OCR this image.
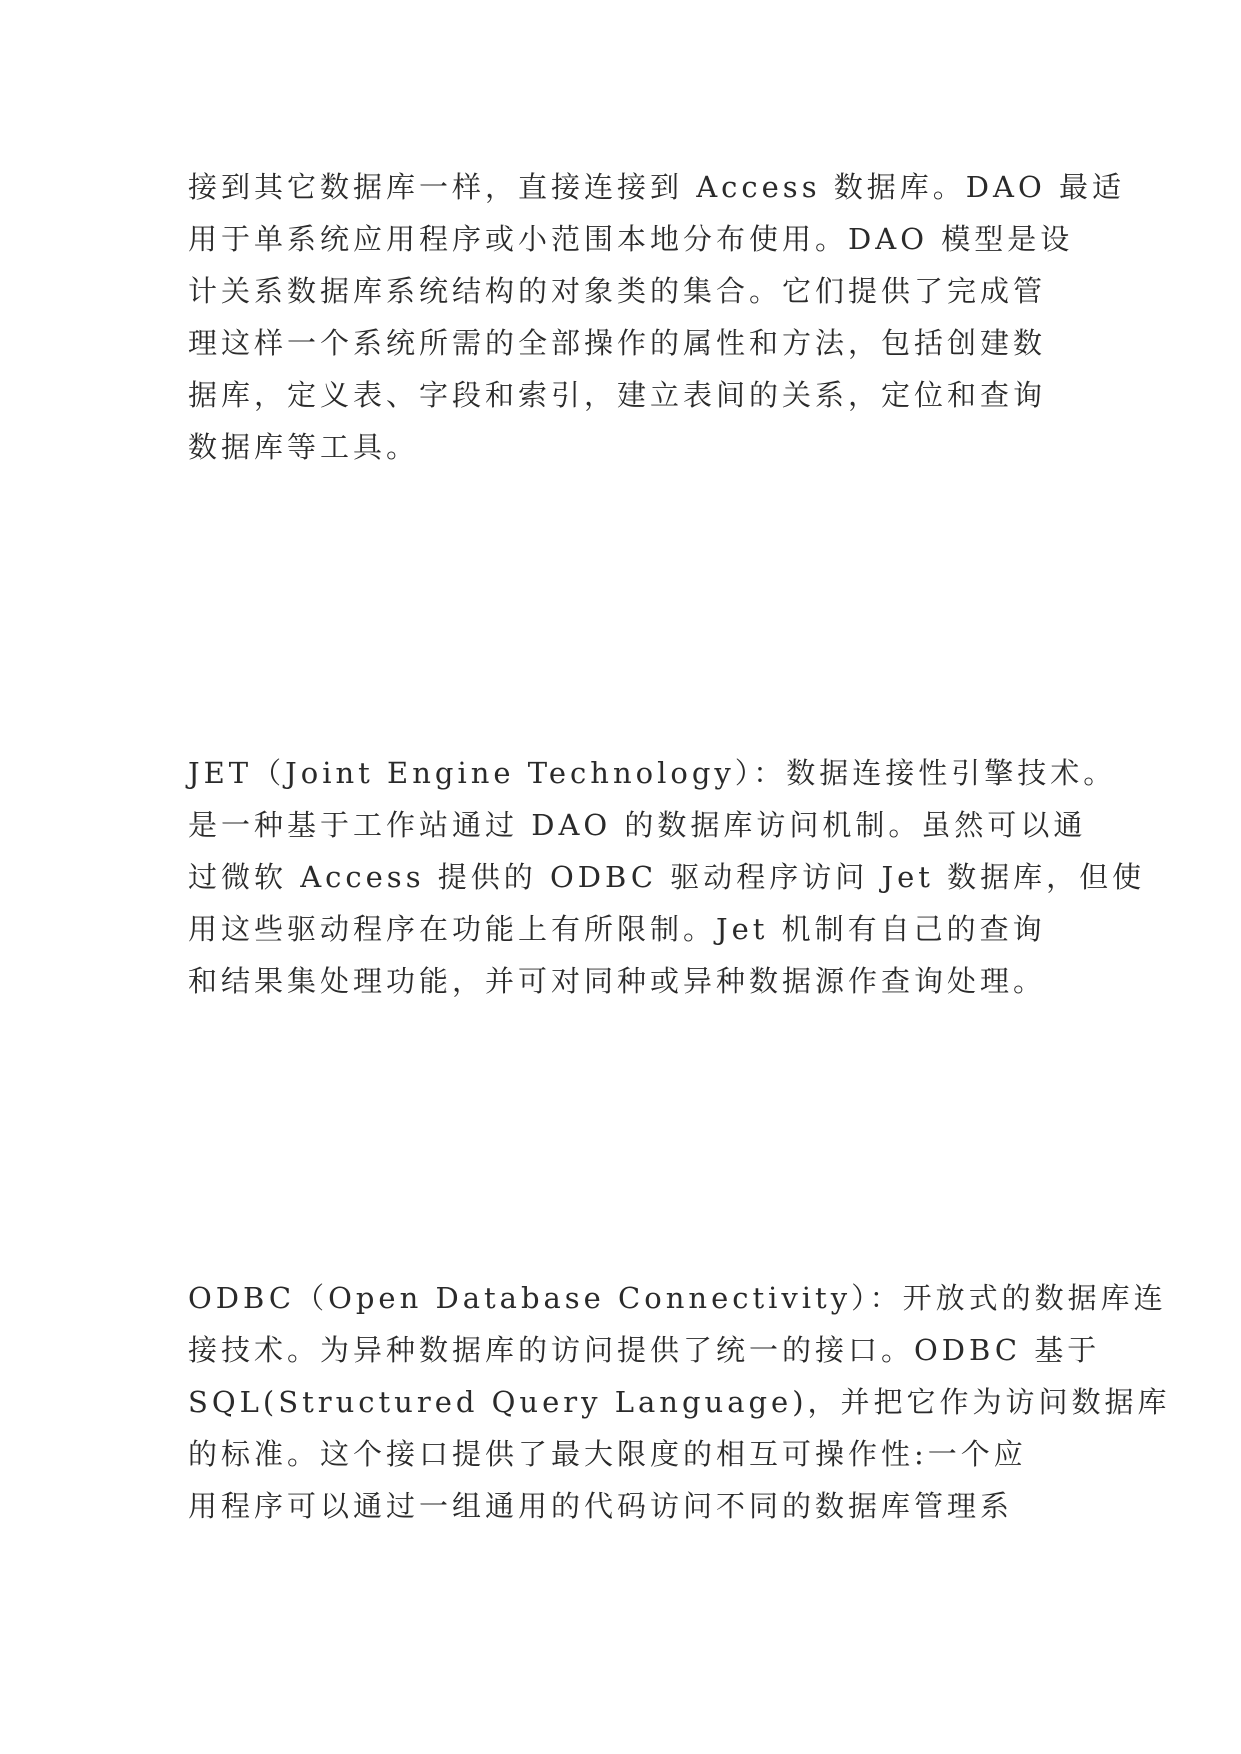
接到其它数据库一样，直接连接到 Access 数据库。DAO 最适
用于单系统应用程序或小范围本地分布使用。DAO 模型是设
计关系数据库系统结构的对象类的集合。它们提供了完成管
理这样一个系统所需的全部操作的属性和方法，包括创建数
据库，定义表、字段和索引，建立表间的关系，定位和查询
数据库等工具。

JET（Joint Engine Technology）：数据连接性引擎技术。
是一种基于工作站通过 DAO 的数据库访问机制。虽然可以通
过微软 Access 提供的 ODBC 驱动程序访问 Jet 数据库，但使
用这些驱动程序在功能上有所限制。Jet 机制有自己的查询
和结果集处理功能，并可对同种或异种数据源作查询处理。

ODBC（Open Database Connectivity）：开放式的数据库连
接技术。为异种数据库的访问提供了统一的接口。ODBC 基于
SQL(Structured Query Language)，并把它作为访问数据库
的标准。这个接口提供了最大限度的相互可操作性:一个应
用程序可以通过一组通用的代码访问不同的数据库管理系
